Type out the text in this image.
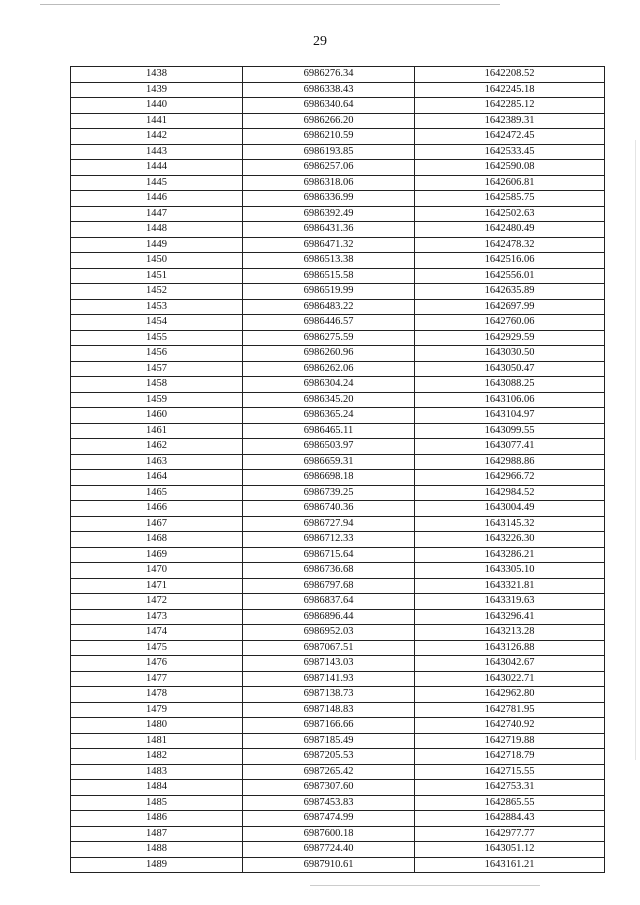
29
1438	6986276.34	1642208.52
1439	6986338.43	1642245.18
1440	6986340.64	1642285.12
1441	6986266.20	1642389.31
1442	6986210.59	1642472.45
1443	6986193.85	1642533.45
1444	6986257.06	1642590.08
1445	6986318.06	1642606.81
1446	6986336.99	1642585.75
1447	6986392.49	1642502.63
1448	6986431.36	1642480.49
1449	6986471.32	1642478.32
1450	6986513.38	1642516.06
1451	6986515.58	1642556.01
1452	6986519.99	1642635.89
1453	6986483.22	1642697.99
1454	6986446.57	1642760.06
1455	6986275.59	1642929.59
1456	6986260.96	1643030.50
1457	6986262.06	1643050.47
1458	6986304.24	1643088.25
1459	6986345.20	1643106.06
1460	6986365.24	1643104.97
1461	6986465.11	1643099.55
1462	6986503.97	1643077.41
1463	6986659.31	1642988.86
1464	6986698.18	1642966.72
1465	6986739.25	1642984.52
1466	6986740.36	1643004.49
1467	6986727.94	1643145.32
1468	6986712.33	1643226.30
1469	6986715.64	1643286.21
1470	6986736.68	1643305.10
1471	6986797.68	1643321.81
1472	6986837.64	1643319.63
1473	6986896.44	1643296.41
1474	6986952.03	1643213.28
1475	6987067.51	1643126.88
1476	6987143.03	1643042.67
1477	6987141.93	1643022.71
1478	6987138.73	1642962.80
1479	6987148.83	1642781.95
1480	6987166.66	1642740.92
1481	6987185.49	1642719.88
1482	6987205.53	1642718.79
1483	6987265.42	1642715.55
1484	6987307.60	1642753.31
1485	6987453.83	1642865.55
1486	6987474.99	1642884.43
1487	6987600.18	1642977.77
1488	6987724.40	1643051.12
1489	6987910.61	1643161.21
